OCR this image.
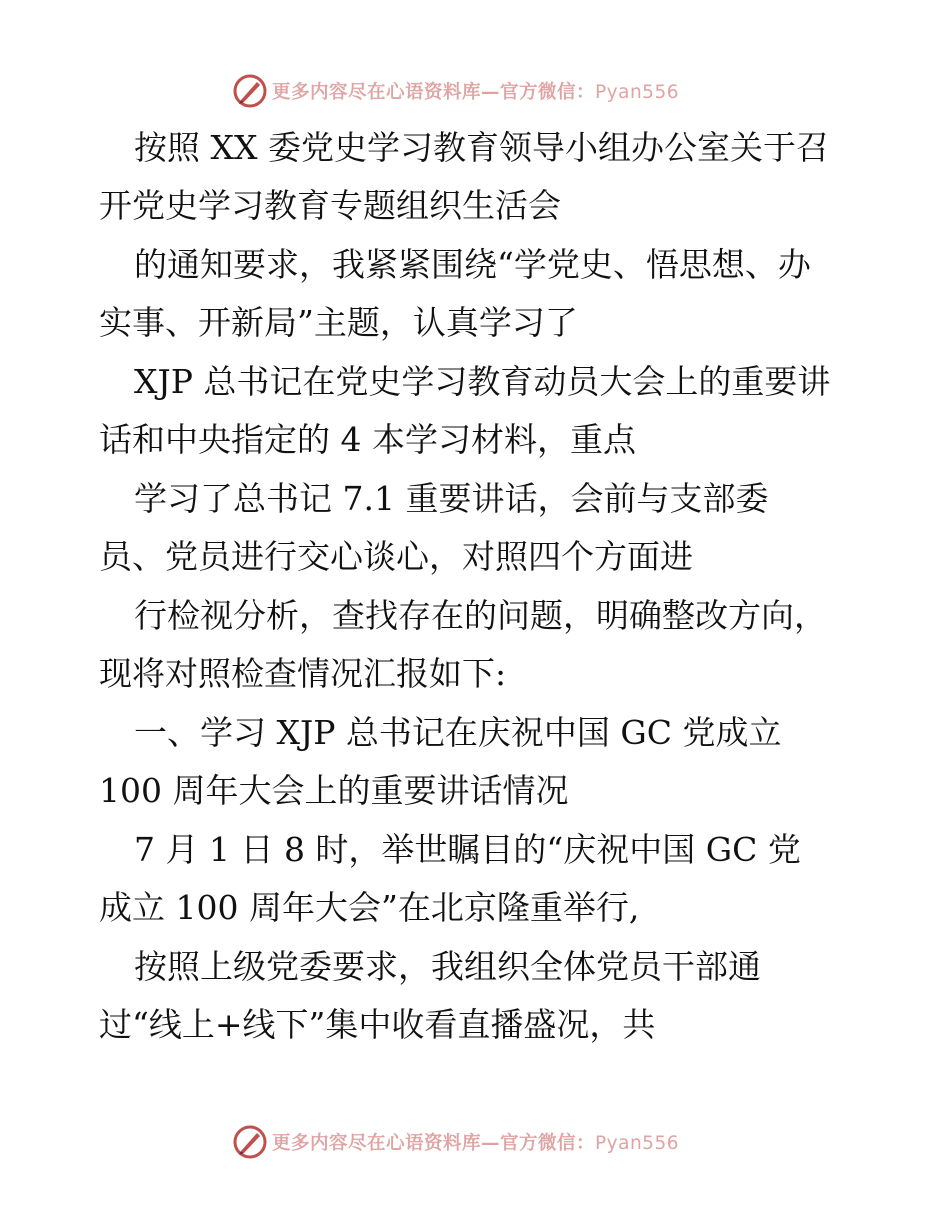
更多内容尽在心语资料库—官方微信：Pyan556
按照 XX 委党史学习教育领导小组办公室关于召
开党史学习教育专题组织生活会
的通知要求，我紧紧围绕“学党史、悟思想、办
实事、开新局”主题，认真学习了
XJP 总书记在党史学习教育动员大会上的重要讲
话和中央指定的 4 本学习材料，重点
学习了总书记 7.1 重要讲话，会前与支部委
员、党员进行交心谈心，对照四个方面进
行检视分析，查找存在的问题，明确整改方向，
现将对照检查情况汇报如下:
一、学习 XJP 总书记在庆祝中国 GC 党成立
100 周年大会上的重要讲话情况
7 月 1 日 8 时，举世瞩目的“庆祝中国 GC 党
成立 100 周年大会”在北京隆重举行,
按照上级党委要求，我组织全体党员干部通
过“线上+线下”集中收看直播盛况，共
更多内容尽在心语资料库—官方微信：Pyan556
